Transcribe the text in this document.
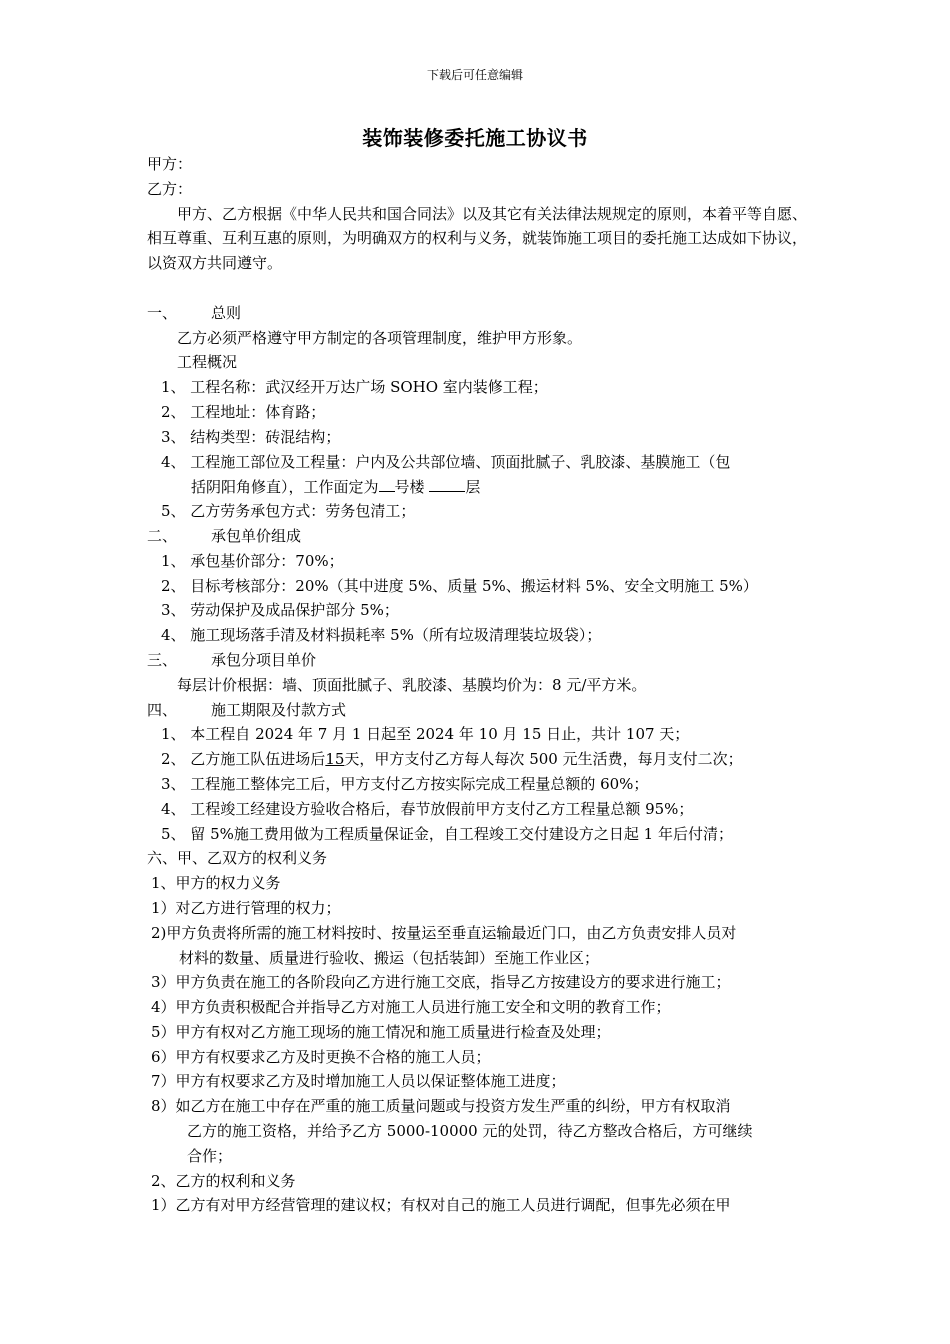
下载后可任意编辑
装饰装修委托施工协议书
甲方：
乙方：
甲方、乙方根据《中华人民共和国合同法》以及其它有关法律法规规定的原则，本着平等自愿、相互尊重、互利互惠的原则，为明确双方的权利与义务，就装饰施工项目的委托施工达成如下协议，以资双方共同遵守。
一、 总则
乙方必须严格遵守甲方制定的各项管理制度，维护甲方形象。
工程概况
1、 工程名称：武汉经开万达广场 SOHO 室内装修工程；
2、 工程地址：体育路；
3、 结构类型：砖混结构；
4、 工程施工部位及工程量：户内及公共部位墙、顶面批腻子、乳胶漆、基膜施工（包
括阴阳角修直），工作面定为 号楼	层
5、 乙方劳务承包方式：劳务包清工；
二、 承包单价组成
1、 承包基价部分：70%；
2、 目标考核部分：20%（其中进度 5%、质量 5%、搬运材料 5%、安全文明施工 5%）
3、 劳动保护及成品保护部分 5%；
4、 施工现场落手清及材料损耗率 5%（所有垃圾清理装垃圾袋）；
三、 承包分项目单价
每层计价根据：墙、顶面批腻子、乳胶漆、基膜均价为：8 元/平方米。
四、 施工期限及付款方式
1、 本工程自 2024 年 7 月 1 日起至 2024 年 10 月 15 日止，共计 107 天；
2、 乙方施工队伍进场后15天，甲方支付乙方每人每次 500 元生活费，每月支付二次；
3、 工程施工整体完工后，甲方支付乙方按实际完成工程量总额的 60%；
4、 工程竣工经建设方验收合格后，春节放假前甲方支付乙方工程量总额 95%；
5、 留 5%施工费用做为工程质量保证金，自工程竣工交付建设方之日起 1 年后付清；
六、甲、乙双方的权利义务
1、甲方的权力义务
1）对乙方进行管理的权力；
2)甲方负责将所需的施工材料按时、按量运至垂直运输最近门口，由乙方负责安排人员对
材料的数量、质量进行验收、搬运（包括装卸）至施工作业区；
3）甲方负责在施工的各阶段向乙方进行施工交底，指导乙方按建设方的要求进行施工；
4）甲方负责积极配合并指导乙方对施工人员进行施工安全和文明的教育工作；
5）甲方有权对乙方施工现场的施工情况和施工质量进行检查及处理；
6）甲方有权要求乙方及时更换不合格的施工人员；
7）甲方有权要求乙方及时增加施工人员以保证整体施工进度；
8）如乙方在施工中存在严重的施工质量问题或与投资方发生严重的纠纷，甲方有权取消
乙方的施工资格，并给予乙方 5000-10000 元的处罚，待乙方整改合格后，方可继续
合作；
2、乙方的权利和义务
1）乙方有对甲方经营管理的建议权；有权对自己的施工人员进行调配，但事先必须在甲
